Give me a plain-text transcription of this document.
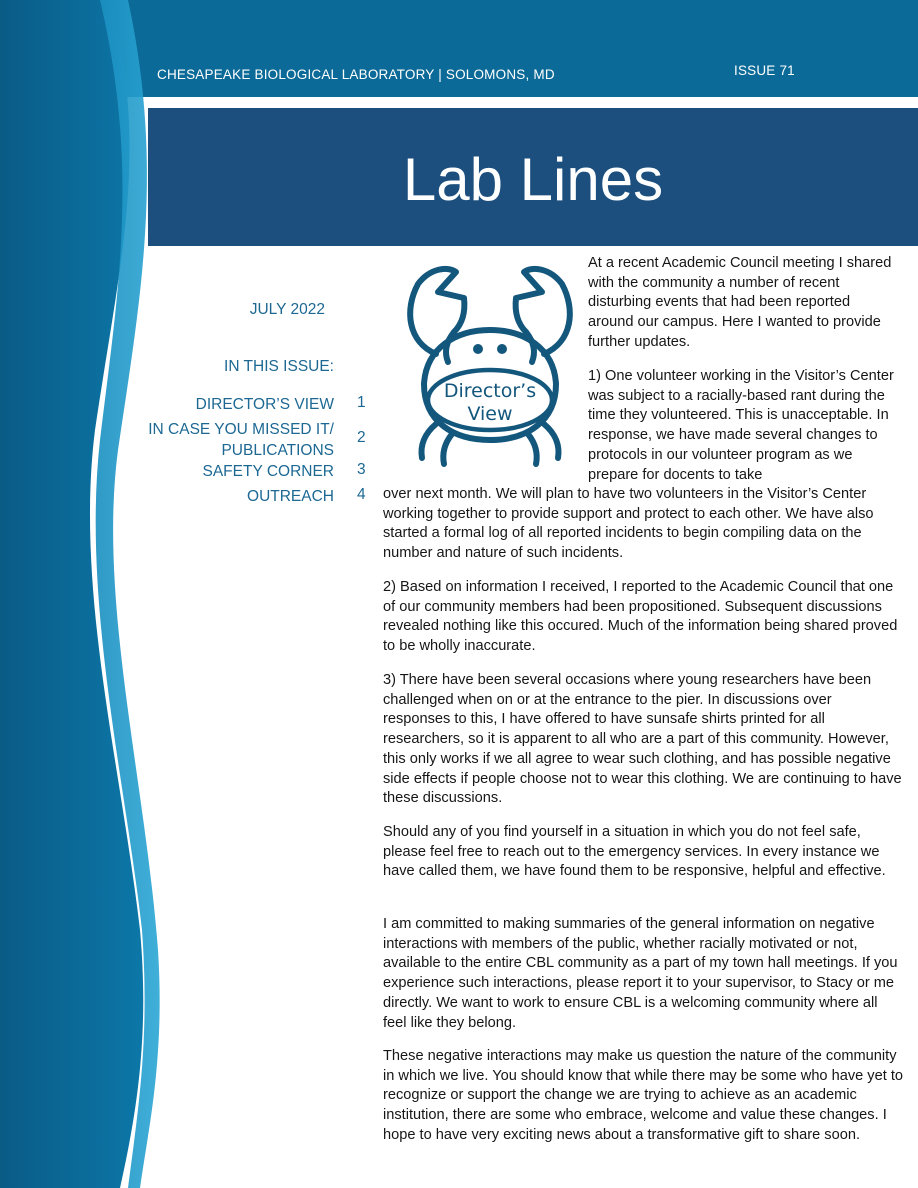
CHESAPEAKE BIOLOGICAL LABORATORY | SOLOMONS, MD	ISSUE 71
Lab Lines
JULY 2022
IN THIS ISSUE:
DIRECTOR’S VIEW 1
IN CASE YOU MISSED IT/
PUBLICATIONS
2
SAFETY CORNER 3
OUTREACH 4
Director’s
View

At a recent Academic Council meeting I shared with the community a number of recent disturbing events that had been reported around our campus. Here I wanted to provide further updates.

1) One volunteer working in the Visitor’s Center was subject to a racially-based rant during the time they volunteered. This is unacceptable. In response, we have made several changes to protocols in our volunteer program as we prepare for docents to take

over next month. We will plan to have two volunteers in the Visitor’s Center working together to provide support and protect to each other. We have also started a formal log of all reported incidents to begin compiling data on the number and nature of such incidents.

2) Based on information I received, I reported to the Academic Council that one of our community members had been propositioned. Subsequent discussions revealed nothing like this occured. Much of the information being shared proved to be wholly inaccurate.

3) There have been several occasions where young researchers have been challenged when on or at the entrance to the pier. In discussions over responses to this, I have offered to have sunsafe shirts printed for all researchers, so it is apparent to all who are a part of this community. However, this only works if we all agree to wear such clothing, and has possible negative side effects if people choose not to wear this clothing. We are continuing to have these discussions.

Should any of you find yourself in a situation in which you do not feel safe, please feel free to reach out to the emergency services. In every instance we have called them, we have found them to be responsive, helpful and effective.

I am committed to making summaries of the general information on negative interactions with members of the public, whether racially motivated or not, available to the entire CBL community as a part of my town hall meetings. If you experience such interactions, please report it to your supervisor, to Stacy or me directly. We want to work to ensure CBL is a welcoming community where all feel like they belong.

These negative interactions may make us question the nature of the community in which we live. You should know that while there may be some who have yet to recognize or support the change we are trying to achieve as an academic institution, there are some who embrace, welcome and value these changes. I hope to have very exciting news about a transformative gift to share soon.
